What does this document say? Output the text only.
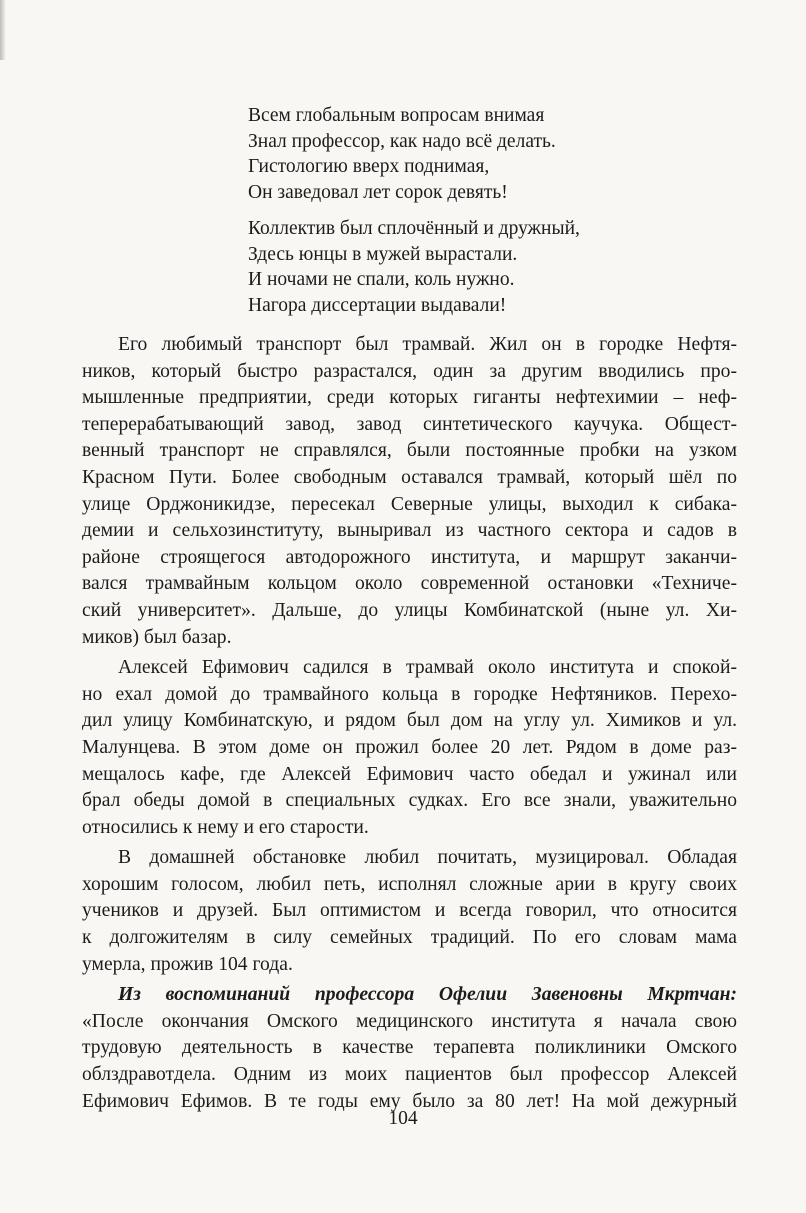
Всем глобальным вопросам внимая
Знал профессор, как надо всё делать.
Гистологию вверх поднимая,
Он заведовал лет сорок девять!
Коллектив был сплочённый и дружный,
Здесь юнцы в мужей вырастали.
И ночами не спали, коль нужно.
Нагора диссертации выдавали!
Его любимый транспорт был трамвай. Жил он в городке Нефтя-
ников, который быстро разрастался, один за другим вводились про-
мышленные предприятии, среди которых гиганты нефтехимии – неф-
теперерабатывающий завод, завод синтетического каучука. Общест-
венный транспорт не справлялся, были постоянные пробки на узком
Красном Пути. Более свободным оставался трамвай, который шёл по
улице Орджоникидзе, пересекал Северные улицы, выходил к сибака-
демии и сельхозинституту, выныривал из частного сектора и садов в
районе строящегося автодорожного института, и маршрут заканчи-
вался трамвайным кольцом около современной остановки «Техниче-
ский университет». Дальше, до улицы Комбинатской (ныне ул. Хи-
миков) был базар.
Алексей Ефимович садился в трамвай около института и спокой-
но ехал домой до трамвайного кольца в городке Нефтяников. Перехо-
дил улицу Комбинатскую, и рядом был дом на углу ул. Химиков и ул.
Малунцева. В этом доме он прожил более 20 лет. Рядом в доме раз-
мещалось кафе, где Алексей Ефимович часто обедал и ужинал или
брал обеды домой в специальных судках. Его все знали, уважительно
относились к нему и его старости.
В домашней обстановке любил почитать, музицировал. Обладая
хорошим голосом, любил петь, исполнял сложные арии в кругу своих
учеников и друзей. Был оптимистом и всегда говорил, что относится
к долгожителям в силу семейных традиций. По его словам мама
умерла, прожив 104 года.
Из воспоминаний профессора Офелии Завеновны Мкртчан:
«После окончания Омского медицинского института я начала свою
трудовую деятельность в качестве терапевта поликлиники Омского
облздравотдела. Одним из моих пациентов был профессор Алексей
Ефимович Ефимов. В те годы ему было за 80 лет! На мой дежурный
104
